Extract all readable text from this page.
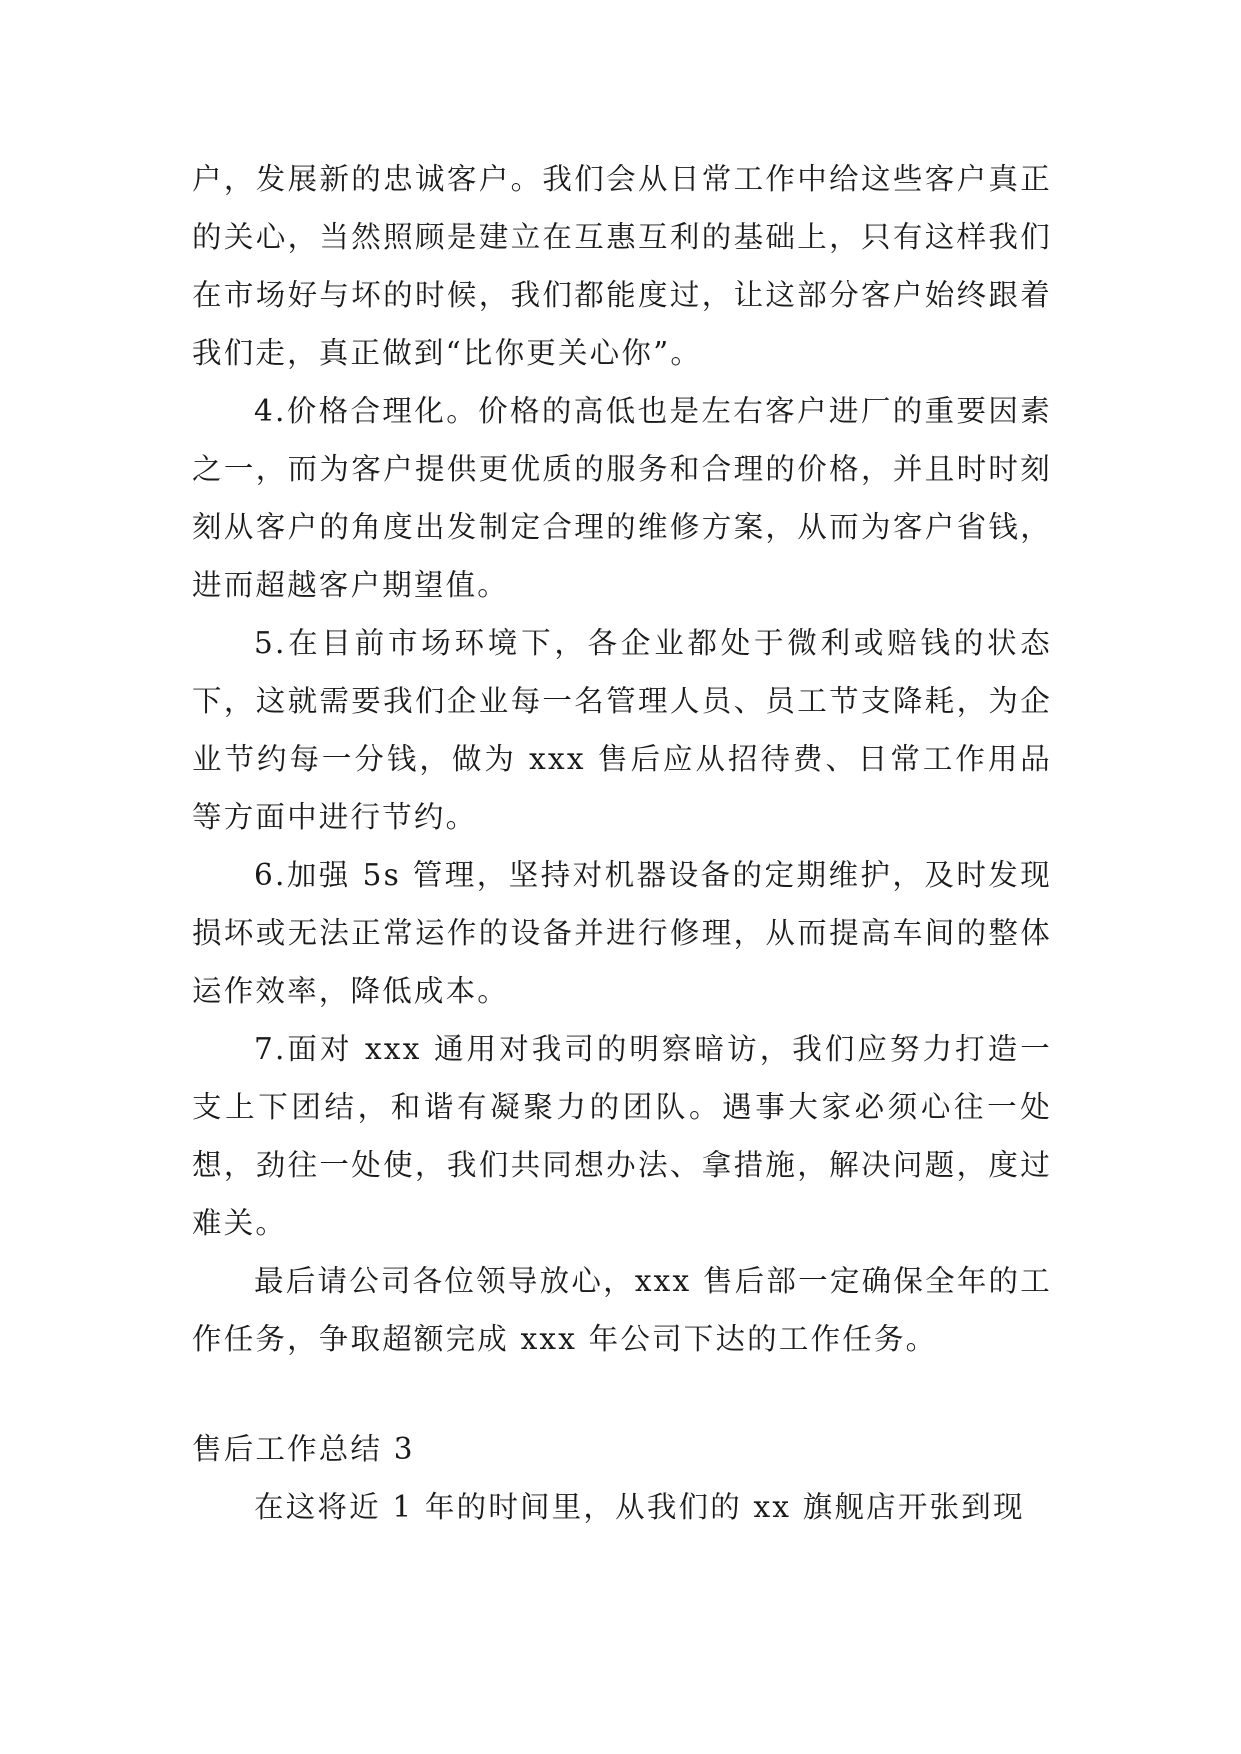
户，发展新的忠诚客户。我们会从日常工作中给这些客户真正的关心，当然照顾是建立在互惠互利的基础上，只有这样我们在市场好与坏的时候，我们都能度过，让这部分客户始终跟着我们走，真正做到“比你更关心你”。

4.价格合理化。价格的高低也是左右客户进厂的重要因素之一，而为客户提供更优质的服务和合理的价格，并且时时刻刻从客户的角度出发制定合理的维修方案，从而为客户省钱，进而超越客户期望值。

5.在目前市场环境下，各企业都处于微利或赔钱的状态下，这就需要我们企业每一名管理人员、员工节支降耗，为企业节约每一分钱，做为 xxx 售后应从招待费、日常工作用品等方面中进行节约。

6.加强 5s 管理，坚持对机器设备的定期维护，及时发现损坏或无法正常运作的设备并进行修理，从而提高车间的整体运作效率，降低成本。

7.面对 xxx 通用对我司的明察暗访，我们应努力打造一支上下团结，和谐有凝聚力的团队。遇事大家必须心往一处想，劲往一处使，我们共同想办法、拿措施，解决问题，度过难关。

最后请公司各位领导放心，xxx 售后部一定确保全年的工作任务，争取超额完成 xxx 年公司下达的工作任务。

售后工作总结 3

在这将近 1 年的时间里，从我们的 xx 旗舰店开张到现
